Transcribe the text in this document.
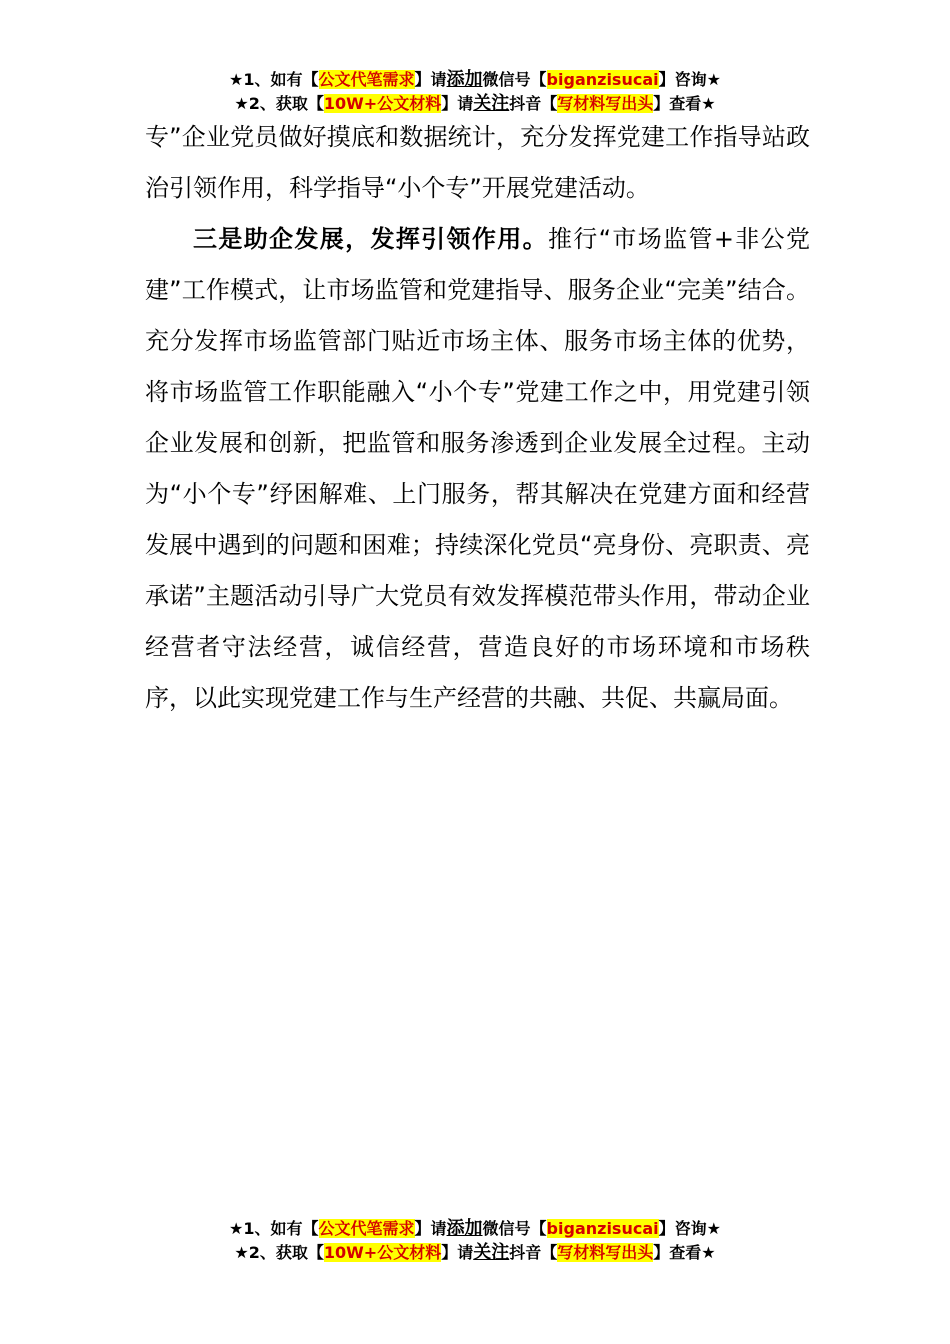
★1、如有【公文代笔需求】请添加微信号【biganzisucai】咨询★
★2、获取【10W+公文材料】请关注抖音【写材料写出头】查看★

专”企业党员做好摸底和数据统计，充分发挥党建工作指导站政治引领作用，科学指导“小个专”开展党建活动。

三是助企发展，发挥引领作用。推行“市场监管+非公党建”工作模式，让市场监管和党建指导、服务企业“完美”结合。充分发挥市场监管部门贴近市场主体、服务市场主体的优势，将市场监管工作职能融入“小个专”党建工作之中，用党建引领企业发展和创新，把监管和服务渗透到企业发展全过程。主动为“小个专”纾困解难、上门服务，帮其解决在党建方面和经营发展中遇到的问题和困难；持续深化党员“亮身份、亮职责、亮承诺”主题活动引导广大党员有效发挥模范带头作用，带动企业经营者守法经营，诚信经营，营造良好的市场环境和市场秩序，以此实现党建工作与生产经营的共融、共促、共赢局面。

★1、如有【公文代笔需求】请添加微信号【biganzisucai】咨询★
★2、获取【10W+公文材料】请关注抖音【写材料写出头】查看★
